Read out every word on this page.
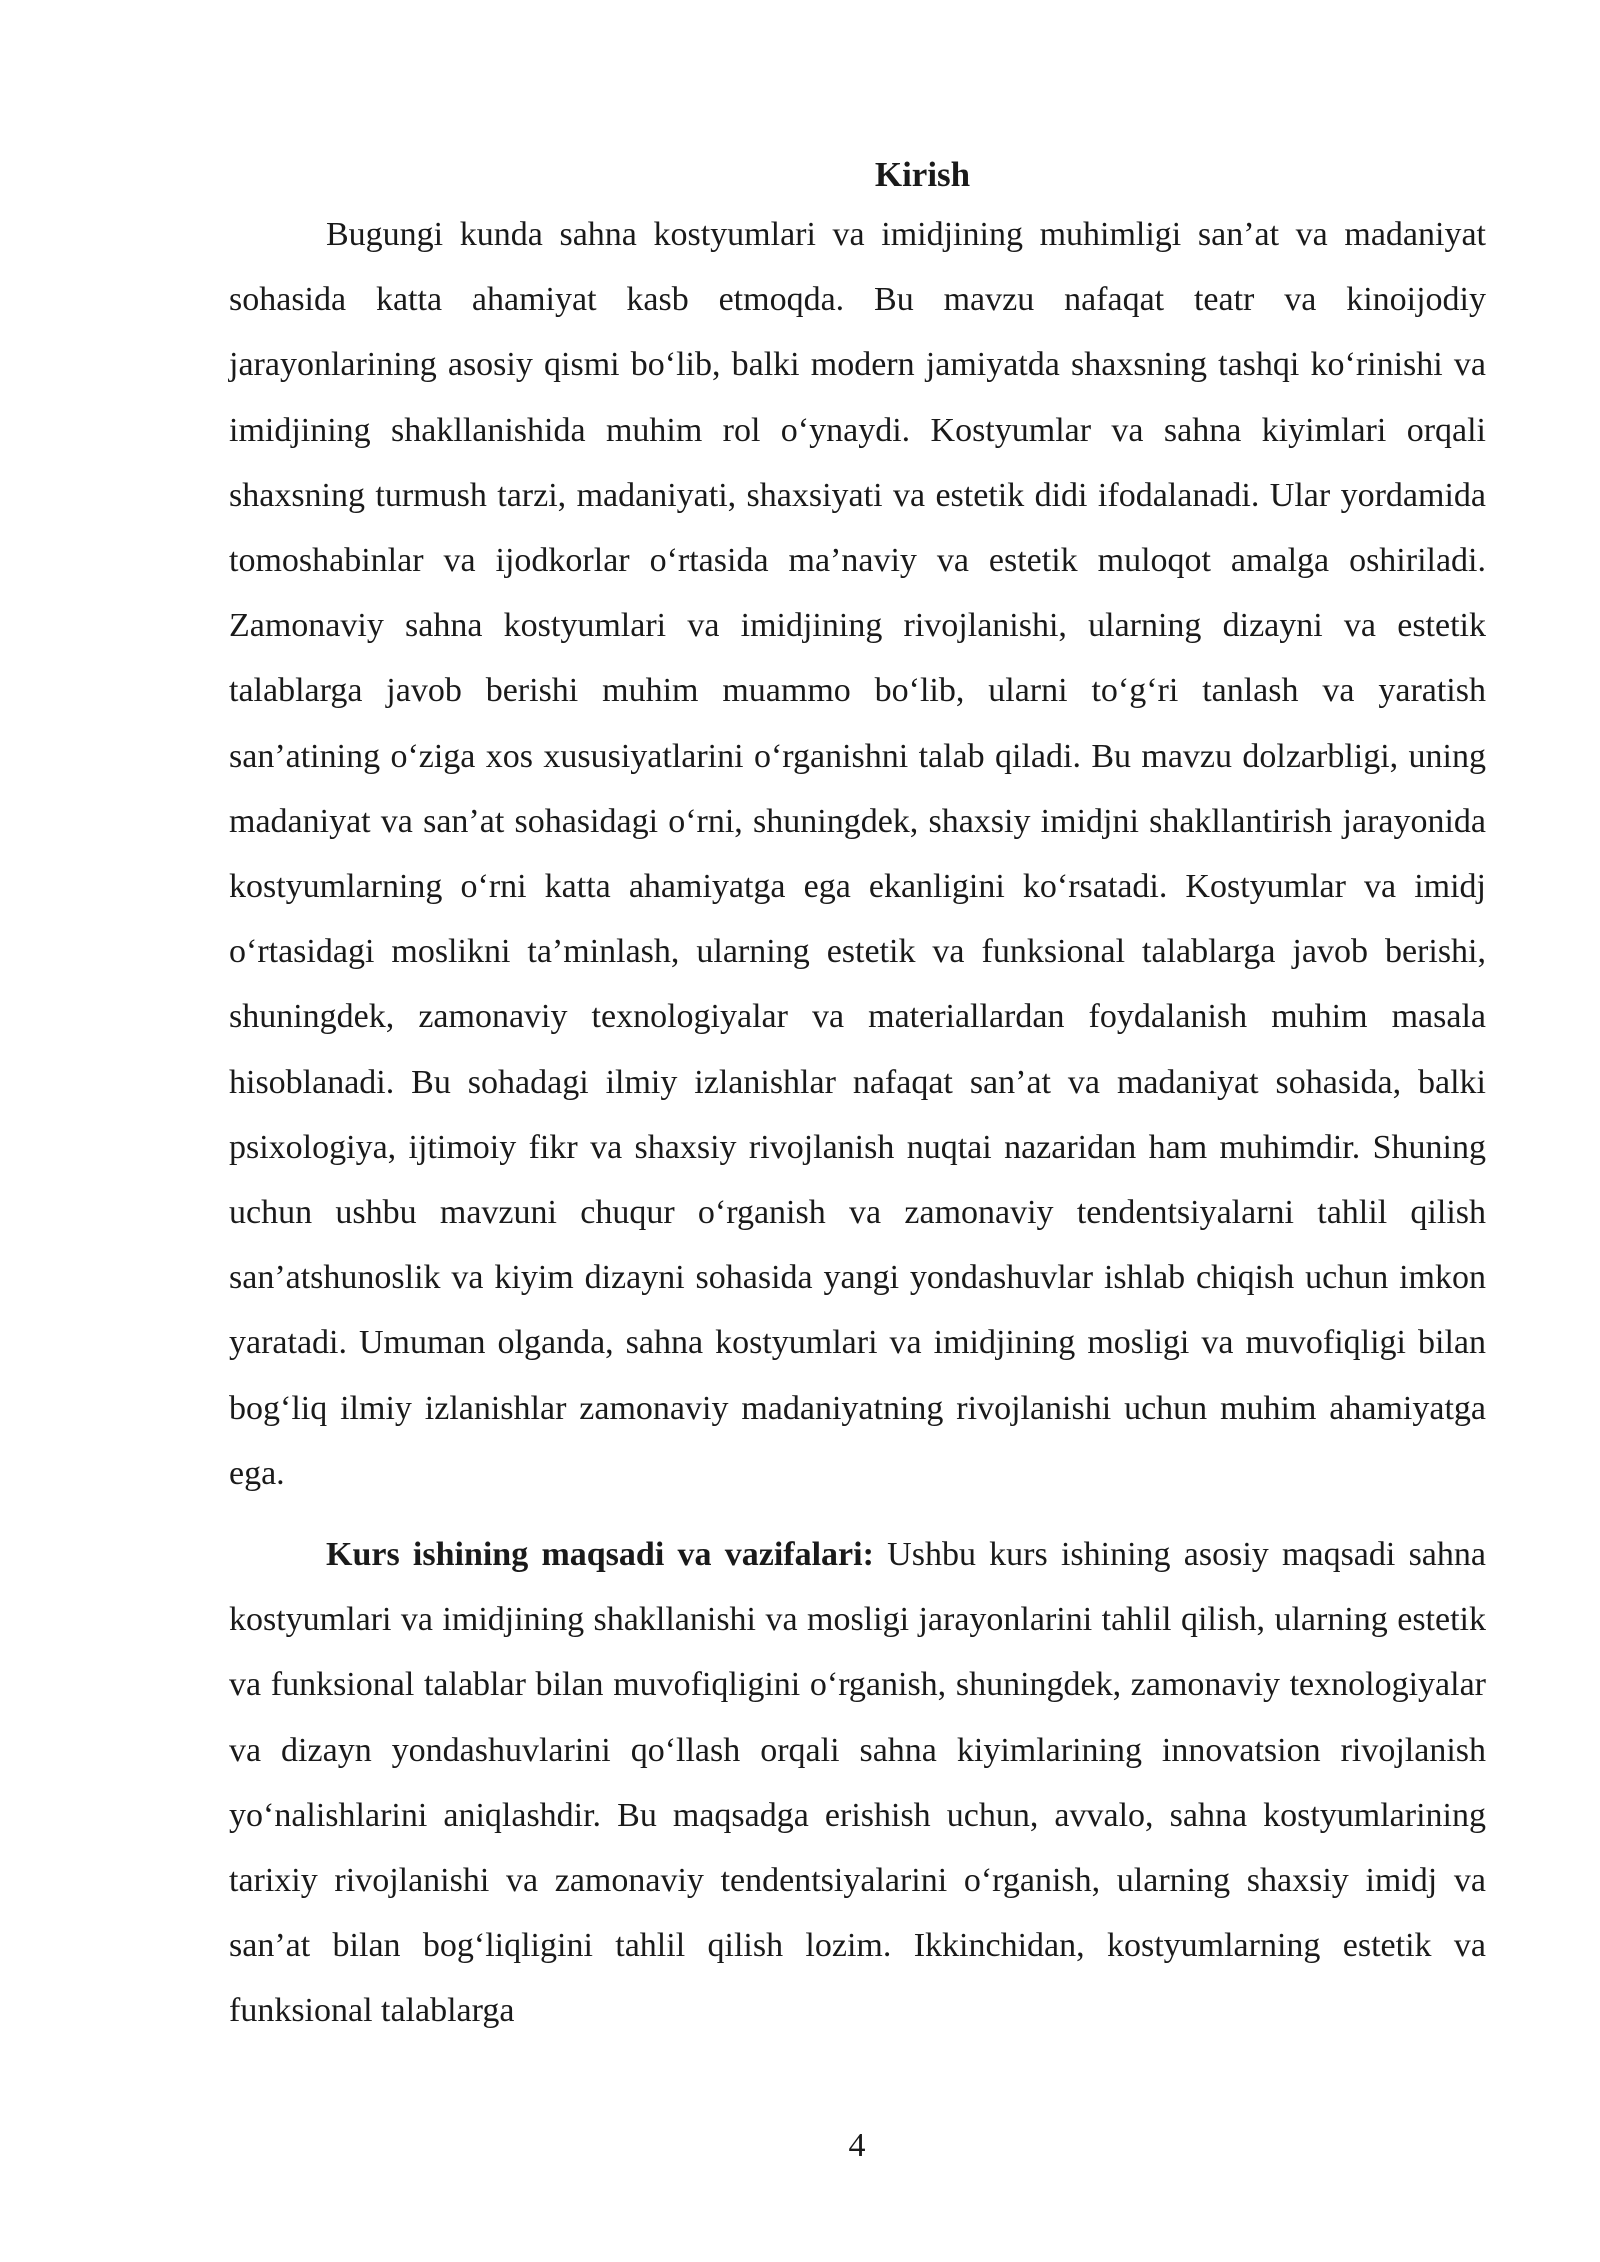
Kirish

Bugungi kunda sahna kostyumlari va imidjining muhimligi san’at va madaniyat sohasida katta ahamiyat kasb etmoqda. Bu mavzu nafaqat teatr va kinoijodiy jarayonlarining asosiy qismi bo‘lib, balki modern jamiyatda shaxsning tashqi ko‘rinishi va imidjining shakllanishida muhim rol o‘ynaydi. Kostyumlar va sahna kiyimlari orqali shaxsning turmush tarzi, madaniyati, shaxsiyati va estetik didi ifodalanadi. Ular yordamida tomoshabinlar va ijodkorlar o‘rtasida ma’naviy va estetik muloqot amalga oshiriladi. Zamonaviy sahna kostyumlari va imidjining rivojlanishi, ularning dizayni va estetik talablarga javob berishi muhim muammo bo‘lib, ularni to‘g‘ri tanlash va yaratish san’atining o‘ziga xos xususiyatlarini o‘rganishni talab qiladi. Bu mavzu dolzarbligi, uning madaniyat va san’at sohasidagi o‘rni, shuningdek, shaxsiy imidjni shakllantirish jarayonida kostyumlarning o‘rni katta ahamiyatga ega ekanligini ko‘rsatadi. Kostyumlar va imidj o‘rtasidagi moslikni ta’minlash, ularning estetik va funksional talablarga javob berishi, shuningdek, zamonaviy texnologiyalar va materiallardan foydalanish muhim masala hisoblanadi. Bu sohadagi ilmiy izlanishlar nafaqat san’at va madaniyat sohasida, balki psixologiya, ijtimoiy fikr va shaxsiy rivojlanish nuqtai nazaridan ham muhimdir. Shuning uchun ushbu mavzuni chuqur o‘rganish va zamonaviy tendentsiyalarni tahlil qilish san’atshunoslik va kiyim dizayni sohasida yangi yondashuvlar ishlab chiqish uchun imkon yaratadi. Umuman olganda, sahna kostyumlari va imidjining mosligi va muvofiqligi bilan bog‘liq ilmiy izlanishlar zamonaviy madaniyatning rivojlanishi uchun muhim ahamiyatga ega.

Kurs ishining maqsadi va vazifalari: Ushbu kurs ishining asosiy maqsadi sahna kostyumlari va imidjining shakllanishi va mosligi jarayonlarini tahlil qilish, ularning estetik va funksional talablar bilan muvofiqligini o‘rganish, shuningdek, zamonaviy texnologiyalar va dizayn yondashuvlarini qo‘llash orqali sahna kiyimlarining innovatsion rivojlanish yo‘nalishlarini aniqlashdir. Bu maqsadga erishish uchun, avvalo, sahna kostyumlarining tarixiy rivojlanishi va zamonaviy tendentsiyalarini o‘rganish, ularning shaxsiy imidj va san’at bilan bog‘liqligini tahlil qilish lozim. Ikkinchidan, kostyumlarning estetik va funksional talablarga

4
